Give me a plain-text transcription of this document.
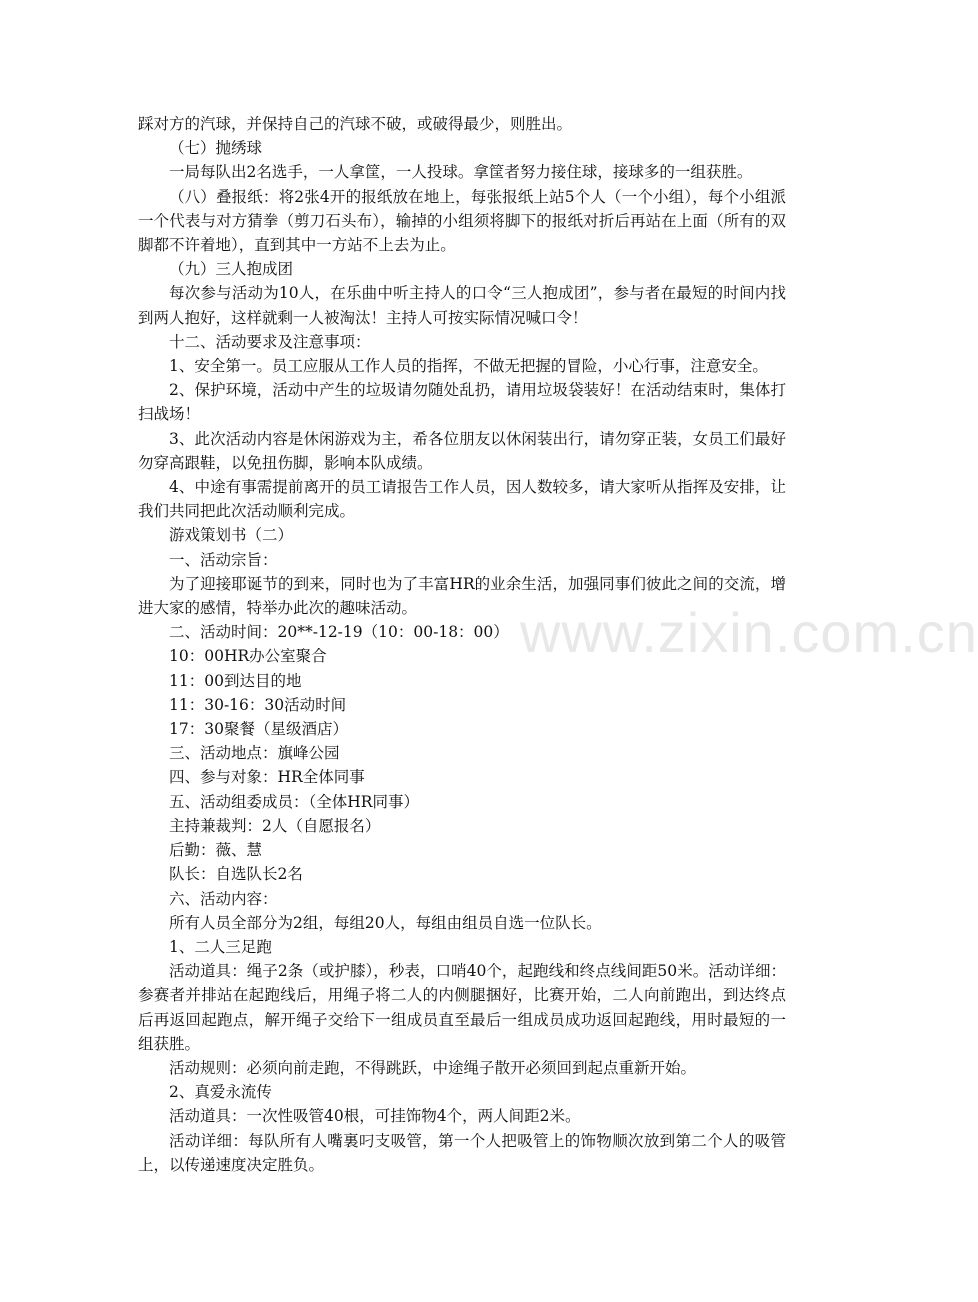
www.zixin.com.cn

踩对方的汽球，并保持自己的汽球不破，或破得最少，则胜出。

（七）抛绣球

一局每队出2名选手，一人拿筐，一人投球。拿筐者努力接住球，接球多的一组获胜。

（八）叠报纸：将2张4开的报纸放在地上，每张报纸上站5个人（一个小组），每个小组派一个代表与对方猜拳（剪刀石头布），输掉的小组须将脚下的报纸对折后再站在上面（所有的双脚都不许着地），直到其中一方站不上去为止。

（九）三人抱成团

每次参与活动为10人，在乐曲中听主持人的口令“三人抱成团”，参与者在最短的时间内找到两人抱好，这样就剩一人被淘汰！主持人可按实际情况喊口令！

十二、活动要求及注意事项：

1、安全第一。员工应服从工作人员的指挥，不做无把握的冒险，小心行事，注意安全。

2、保护环境，活动中产生的垃圾请勿随处乱扔，请用垃圾袋装好！在活动结束时，集体打扫战场！

3、此次活动内容是休闲游戏为主，希各位朋友以休闲装出行，请勿穿正装，女员工们最好勿穿高跟鞋，以免扭伤脚，影响本队成绩。

4、中途有事需提前离开的员工请报告工作人员，因人数较多，请大家听从指挥及安排，让我们共同把此次活动顺利完成。

游戏策划书（二）

一、活动宗旨：

为了迎接耶诞节的到来，同时也为了丰富HR的业余生活，加强同事们彼此之间的交流，增进大家的感情，特举办此次的趣味活动。

二、活动时间：20**-12-19（10：00-18：00）

10：00HR办公室聚合

11：00到达目的地

11：30-16：30活动时间

17：30聚餐（星级酒店）

三、活动地点：旗峰公园

四、参与对象：HR全体同事

五、活动组委成员：（全体HR同事）

主持兼裁判：2人（自愿报名）

后勤：薇、慧

队长：自选队长2名

六、活动内容：

所有人员全部分为2组，每组20人，每组由组员自选一位队长。

1、二人三足跑

活动道具：绳子2条（或护膝），秒表，口哨40个，起跑线和终点线间距50米。活动详细：参赛者并排站在起跑线后，用绳子将二人的内侧腿捆好，比赛开始，二人向前跑出，到达终点后再返回起跑点，解开绳子交给下一组成员直至最后一组成员成功返回起跑线，用时最短的一组获胜。

活动规则：必须向前走跑，不得跳跃，中途绳子散开必须回到起点重新开始。

2、真爱永流传

活动道具：一次性吸管40根，可挂饰物4个，两人间距2米。

活动详细：每队所有人嘴裏叼支吸管，第一个人把吸管上的饰物顺次放到第二个人的吸管上，以传递速度决定胜负。
